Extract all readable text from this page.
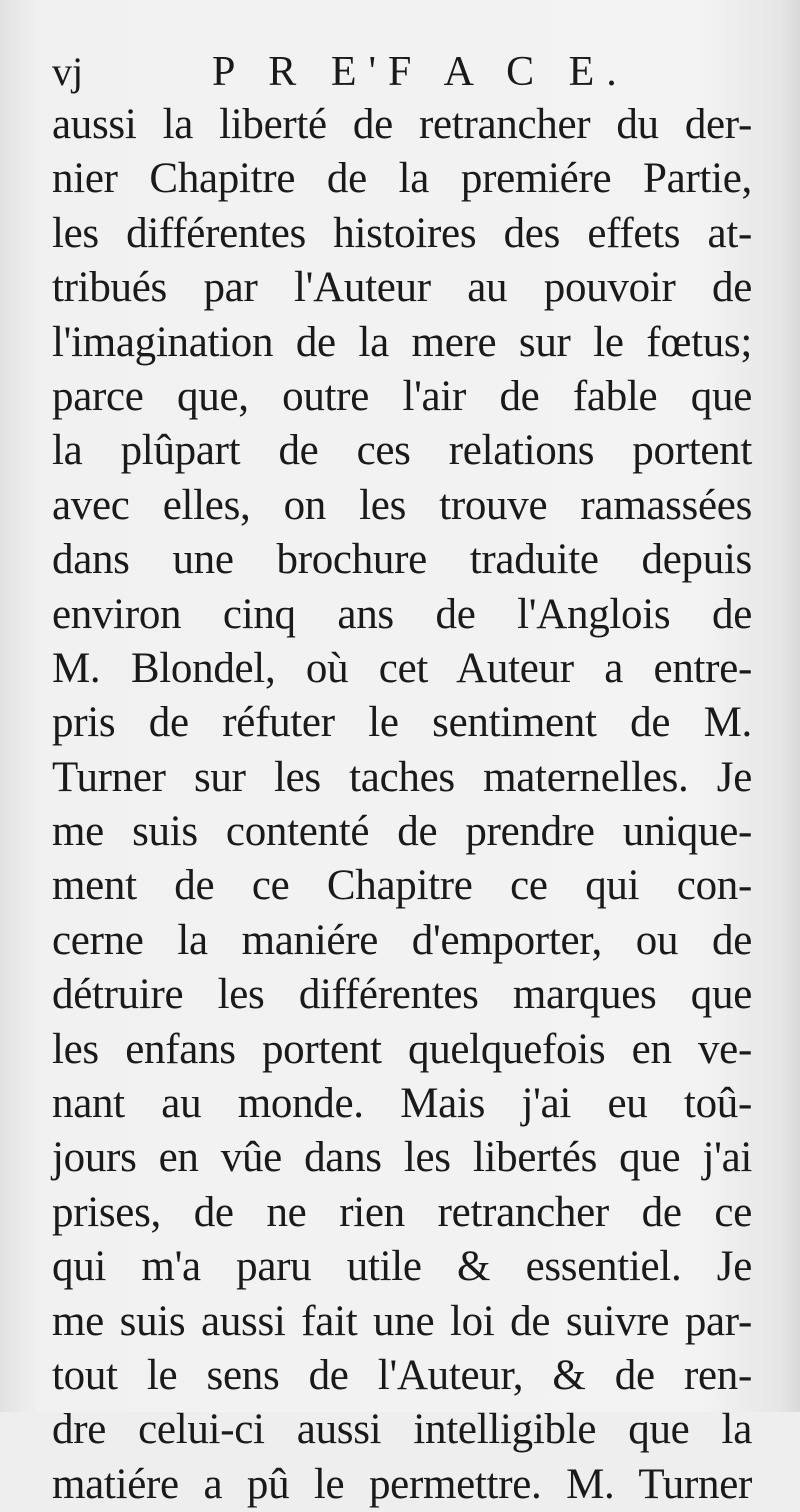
vj	P R E'F A C E.
aussi la liberté de retrancher du der-
nier Chapitre de la premiére Partie,
les différentes histoires des effets at-
tribués par l'Auteur au pouvoir de
l'imagination de la mere sur le fœtus;
parce que, outre l'air de fable que
la plûpart de ces relations portent
avec elles, on les trouve ramassées
dans une brochure traduite depuis
environ cinq ans de l'Anglois de
M. Blondel, où cet Auteur a entre-
pris de réfuter le sentiment de M.
Turner sur les taches maternelles. Je
me suis contenté de prendre unique-
ment de ce Chapitre ce qui con-
cerne la maniére d'emporter, ou de
détruire les différentes marques que
les enfans portent quelquefois en ve-
nant au monde. Mais j'ai eu toû-
jours en vûe dans les libertés que j'ai
prises, de ne rien retrancher de ce
qui m'a paru utile & essentiel. Je
me suis aussi fait une loi de suivre par-
tout le sens de l'Auteur, & de ren-
dre celui-ci aussi intelligible que la
matiére a pû le permettre. M. Turner
